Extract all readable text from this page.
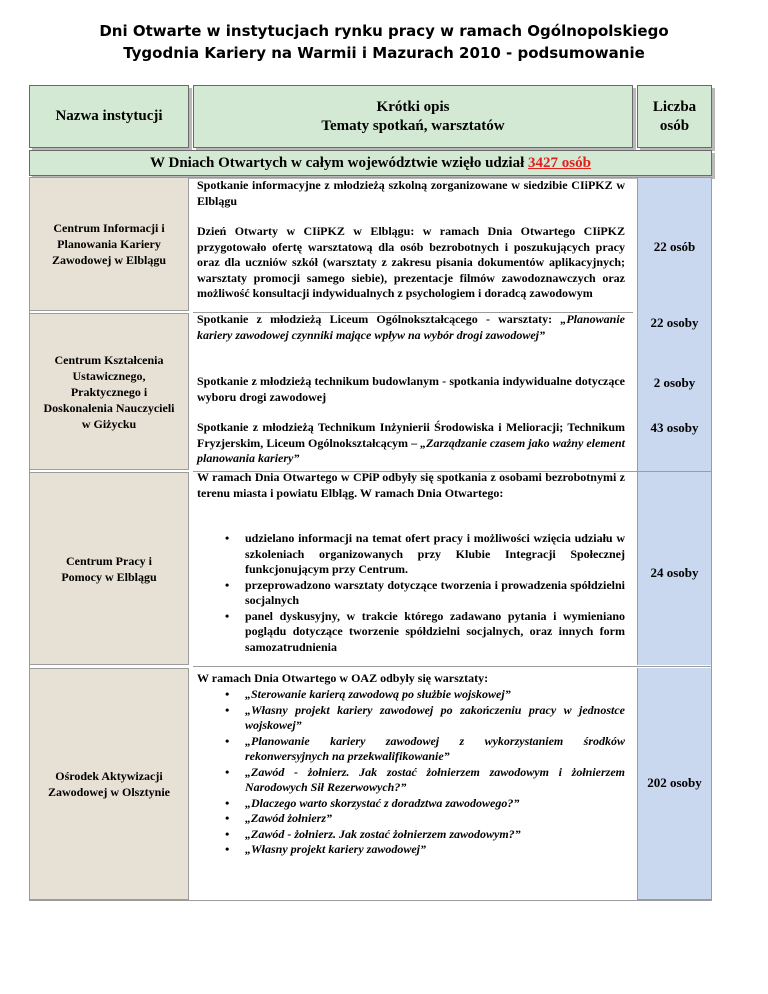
Dni Otwarte w instytucjach rynku pracy w ramach Ogólnopolskiego
Tygodnia Kariery na Warmii i Mazurach 2010 - podsumowanie
Nazwa instytucji
Krótki opis
Tematy spotkań, warsztatów
Liczba
osób
W Dniach Otwartych w całym województwie wzięło udział 3427 osób
Centrum Informacji i Planowania Kariery Zawodowej w Elblągu
Centrum Kształcenia Ustawicznego, Praktycznego i Doskonalenia Nauczycieli w Giżycku
Centrum Pracy i Pomocy w Elblągu
Ośrodek Aktywizacji Zawodowej w Olsztynie
Spotkanie informacyjne z młodzieżą szkolną zorganizowane w siedzibie CIiPKZ w Elblągu
Dzień Otwarty w CIiPKZ w Elblągu: w ramach Dnia Otwartego CIiPKZ przygotowało ofertę warsztatową dla osób bezrobotnych i poszukujących pracy oraz dla uczniów szkół (warsztaty z zakresu pisania dokumentów aplikacyjnych; warsztaty promocji samego siebie), prezentacje filmów zawodoznawczych oraz możliwość konsultacji indywidualnych z psychologiem i doradcą zawodowym
22 osób
Spotkanie z młodzieżą Liceum Ogólnokształcącego - warsztaty: „Planowanie kariery zawodowej czynniki mające wpływ na wybór drogi zawodowej”
22 osoby
Spotkanie z młodzieżą technikum budowlanym - spotkania indywidualne dotyczące wyboru drogi zawodowej
2 osoby
Spotkanie z młodzieżą Technikum Inżynierii Środowiska i Melioracji; Technikum Fryzjerskim, Liceum Ogólnokształcącym – „Zarządzanie czasem jako ważny element planowania kariery”
43 osoby
W ramach Dnia Otwartego w CPiP odbyły się spotkania z osobami bezrobotnymi z terenu miasta i powiatu Elbląg. W ramach Dnia Otwartego:
• udzielano informacji na temat ofert pracy i możliwości wzięcia udziału w szkoleniach organizowanych przy Klubie Integracji Społecznej funkcjonującym przy Centrum.
• przeprowadzono warsztaty dotyczące tworzenia i prowadzenia spółdzielni socjalnych
• panel dyskusyjny, w trakcie którego zadawano pytania i wymieniano poglądu dotyczące tworzenie spółdzielni socjalnych, oraz innych form samozatrudnienia
24 osoby
W ramach Dnia Otwartego w OAZ odbyły się warsztaty:
• „Sterowanie karierą zawodową po służbie wojskowej”
• „Własny projekt kariery zawodowej po zakończeniu pracy w jednostce wojskowej”
• „Planowanie kariery zawodowej z wykorzystaniem środków rekonwersyjnych na przekwalifikowanie”
• „Zawód - żołnierz. Jak zostać żołnierzem zawodowym i żołnierzem Narodowych Sił Rezerwowych?”
• „Dlaczego warto skorzystać z doradztwa zawodowego?”
• „Zawód żołnierz”
• „Zawód - żołnierz. Jak zostać żołnierzem zawodowym?”
• „Własny projekt kariery zawodowej”
202 osoby
